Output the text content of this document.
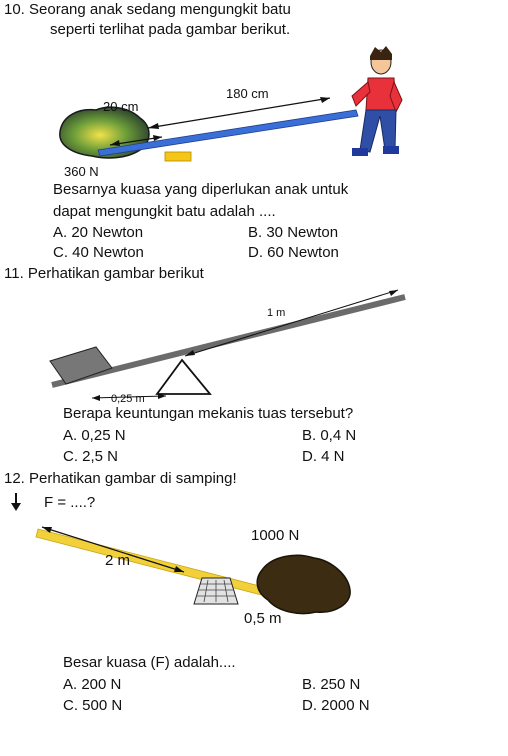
10. Seorang anak sedang mengungkit batu
seperti terlihat pada gambar berikut.
180 cm
20 cm
360 N
Besarnya kuasa yang diperlukan anak untuk
dapat mengungkit batu adalah ....
A. 20 Newton	B. 30 Newton
C. 40 Newton	D. 60 Newton
11. Perhatikan gambar berikut
1 m
0,25 m
Berapa keuntungan mekanis tuas tersebut?
A. 0,25 N	B. 0,4 N
C. 2,5 N	D. 4 N
12. Perhatikan gambar di samping!
F = ....?
1000 N
2 m
0,5 m
Besar kuasa (F) adalah....
A. 200 N	B. 250 N
C. 500 N	D. 2000 N
